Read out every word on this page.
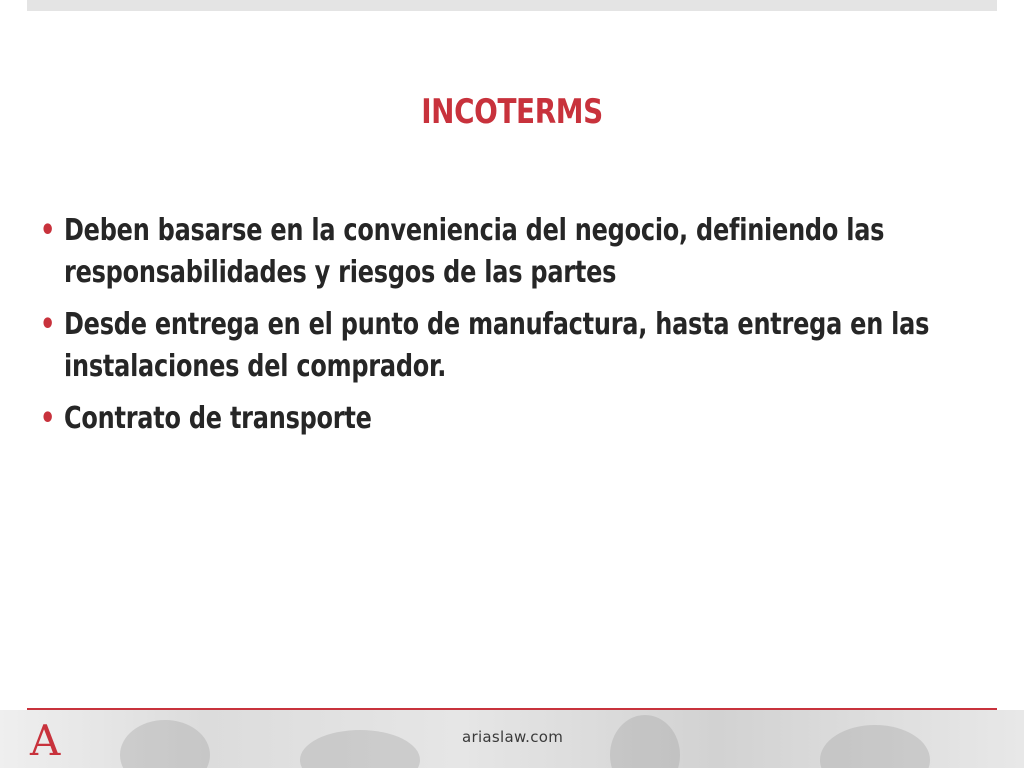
INCOTERMS
• Deben basarse en la conveniencia del negocio, definiendo las responsabilidades y riesgos de las partes
• Desde entrega en el punto de manufactura, hasta entrega en las instalaciones del comprador.
• Contrato de transporte
A	ariaslaw.com
